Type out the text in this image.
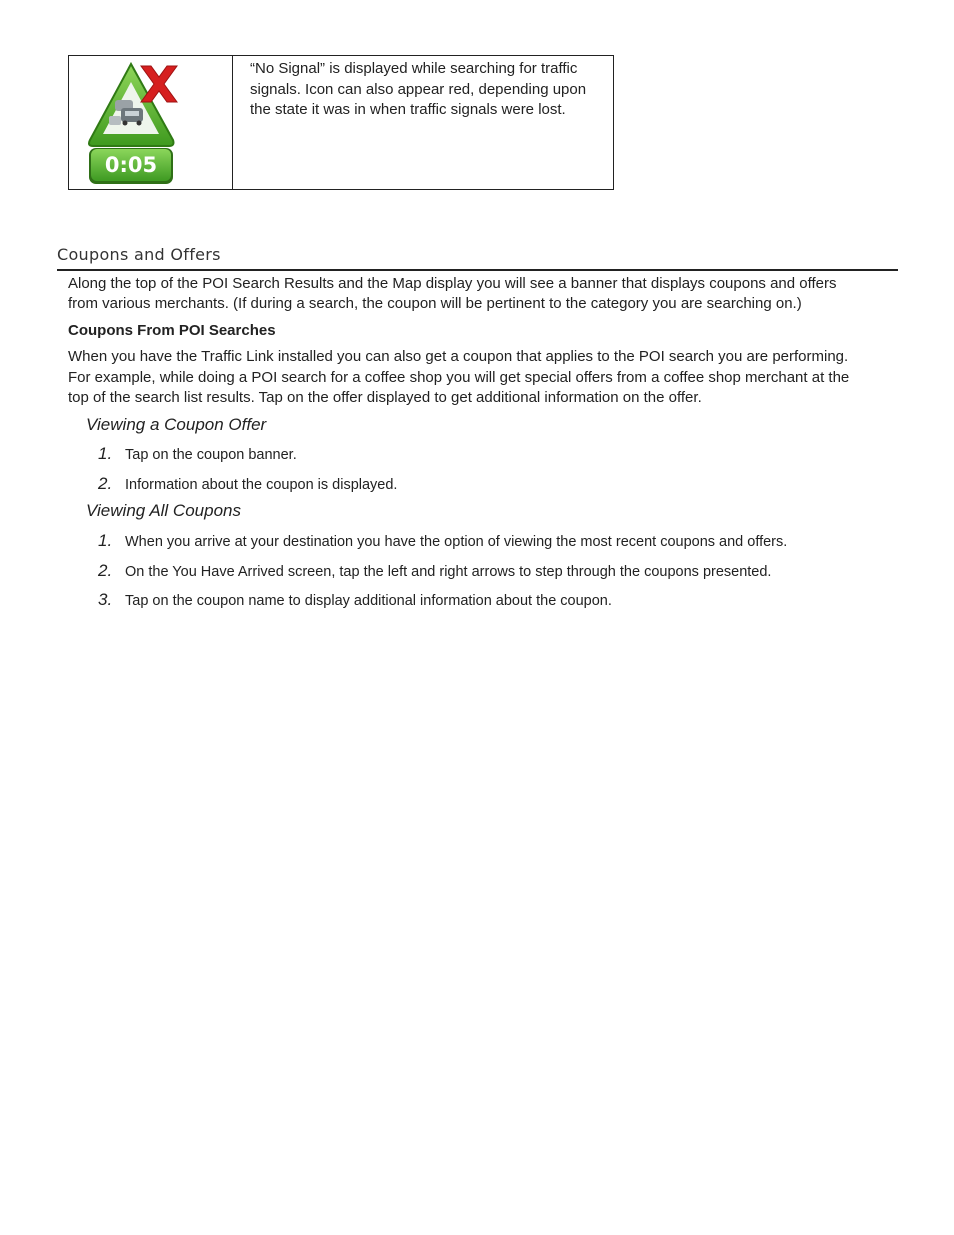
0:05
“No Signal” is displayed while searching for traffic signals. Icon can also appear red, depending upon the state it was in when traffic signals were lost.
Coupons and Offers
Along the top of the POI Search Results and the Map display you will see a banner that displays coupons and offers
from various merchants. (If during a search, the coupon will be pertinent to the category you are searching on.)
Coupons From POI Searches
When you have the Traffic Link installed you can also get a coupon that applies to the POI search you are performing.
For example, while doing a POI search for a coffee shop you will get special offers from a coffee shop merchant at the
top of the search list results. Tap on the offer displayed to get additional information on the offer.
Viewing a Coupon Offer
1. Tap on the coupon banner.
2. Information about the coupon is displayed.
Viewing All Coupons
1. When you arrive at your destination you have the option of viewing the most recent coupons and offers.
2. On the You Have Arrived screen, tap the left and right arrows to step through the coupons presented.
3. Tap on the coupon name to display additional information about the coupon.
